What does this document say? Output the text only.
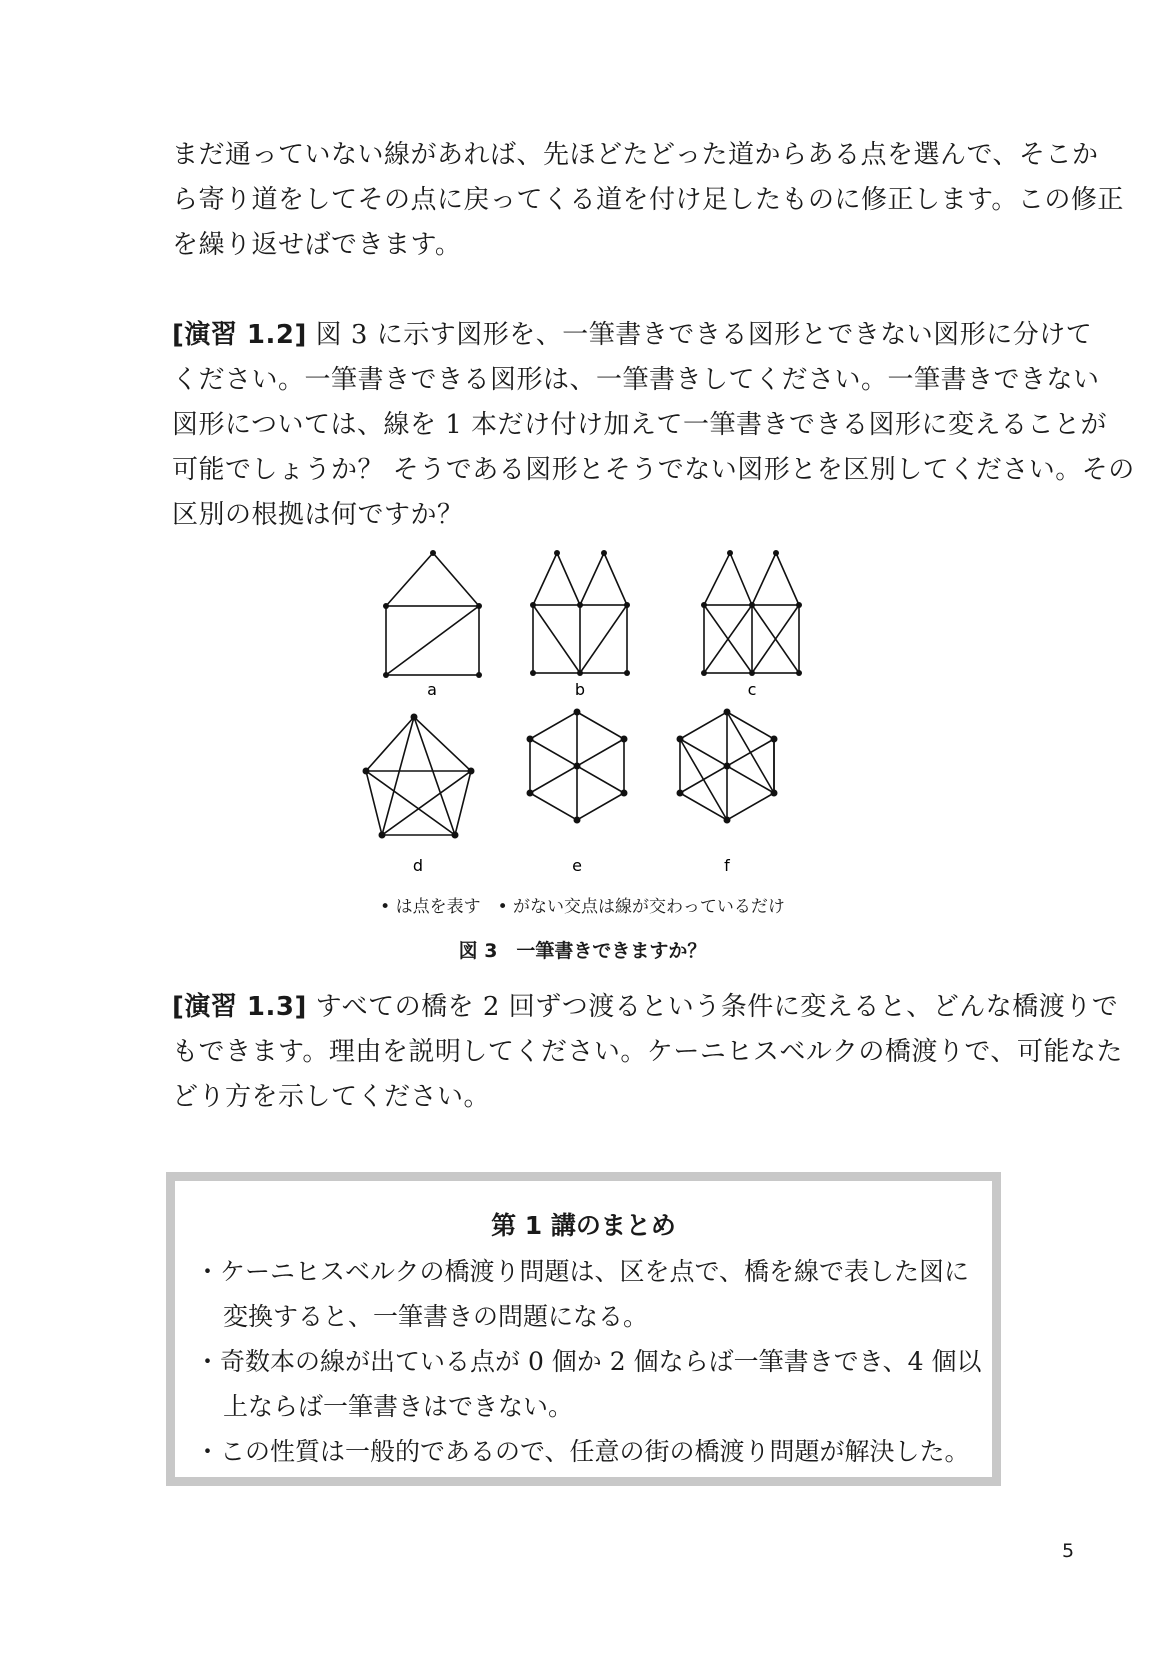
まだ通っていない線があれば、先ほどたどった道からある点を選んで、そこか
ら寄り道をしてその点に戻ってくる道を付け足したものに修正します。この修正
を繰り返せばできます。
[演習 1.2] 図 3 に示す図形を、一筆書きできる図形とできない図形に分けて
ください。一筆書きできる図形は、一筆書きしてください。一筆書きできない
図形については、線を 1 本だけ付け加えて一筆書きできる図形に変えることが
可能でしょうか？ そうである図形とそうでない図形とを区別してください。その
区別の根拠は何ですか？
a	b	c
d	e	f
• は点を表す　• がない交点は線が交わっているだけ
図 3　一筆書きできますか？
[演習 1.3] すべての橋を 2 回ずつ渡るという条件に変えると、どんな橋渡りで
もできます。理由を説明してください。ケーニヒスベルクの橋渡りで、可能なた
どり方を示してください。
第 1 講のまとめ
・ケーニヒスベルクの橋渡り問題は、区を点で、橋を線で表した図に
変換すると、一筆書きの問題になる。
・奇数本の線が出ている点が 0 個か 2 個ならば一筆書きでき、4 個以
上ならば一筆書きはできない。
・この性質は一般的であるので、任意の街の橋渡り問題が解決した。
5
